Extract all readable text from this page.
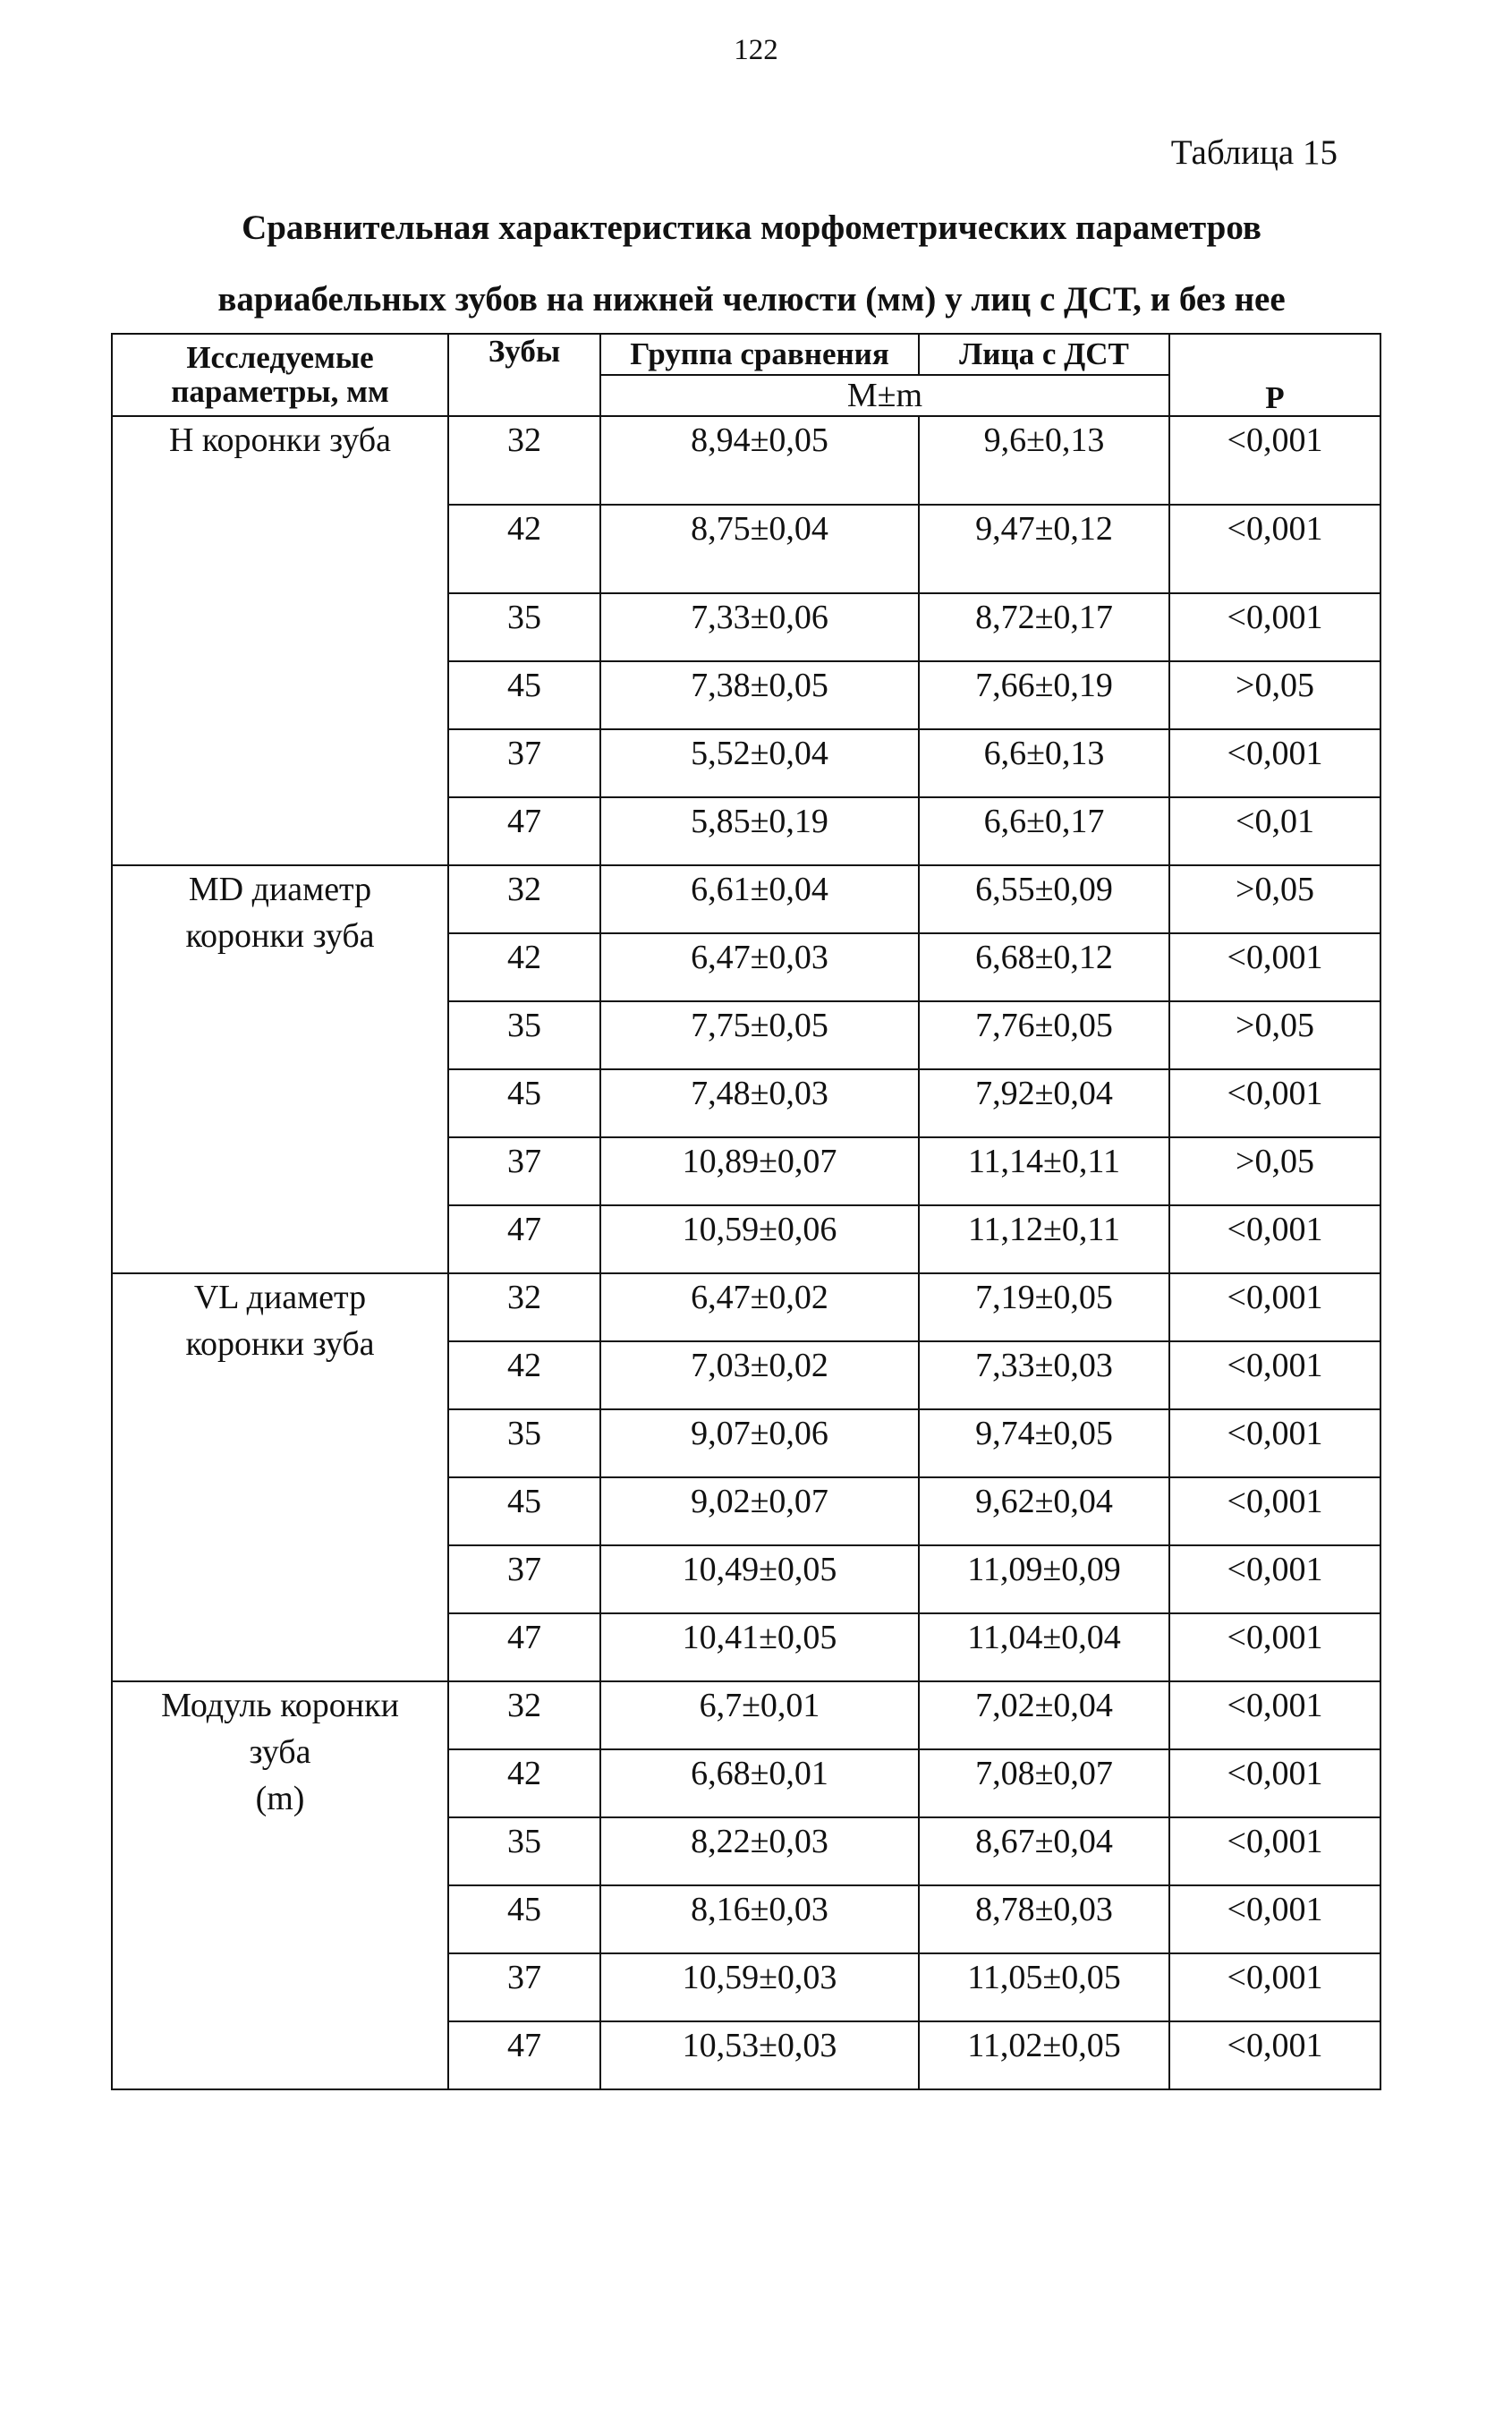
122
Таблица 15
Сравнительная характеристика морфометрических параметров
вариабельных зубов на нижней челюсти (мм) у лиц с ДСТ, и без нее
Исследуемые
параметры, мм	Зубы	Группа сравнения	Лица с ДСТ	Р
		М±m		

Н коронки зуба	32	8,94±0,05	9,6±0,13	<0,001
	42	8,75±0,04	9,47±0,12	<0,001
	35	7,33±0,06	8,72±0,17	<0,001
	45	7,38±0,05	7,66±0,19	>0,05
	37	5,52±0,04	6,6±0,13	<0,001
	47	5,85±0,19	6,6±0,17	<0,01

MD диаметр
коронки зуба	32	6,61±0,04	6,55±0,09	>0,05
	42	6,47±0,03	6,68±0,12	<0,001
	35	7,75±0,05	7,76±0,05	>0,05
	45	7,48±0,03	7,92±0,04	<0,001
	37	10,89±0,07	11,14±0,11	>0,05
	47	10,59±0,06	11,12±0,11	<0,001

VL диаметр
коронки зуба	32	6,47±0,02	7,19±0,05	<0,001
	42	7,03±0,02	7,33±0,03	<0,001
	35	9,07±0,06	9,74±0,05	<0,001
	45	9,02±0,07	9,62±0,04	<0,001
	37	10,49±0,05	11,09±0,09	<0,001
	47	10,41±0,05	11,04±0,04	<0,001

Модуль коронки
зуба
(m)	32	6,7±0,01	7,02±0,04	<0,001
	42	6,68±0,01	7,08±0,07	<0,001
	35	8,22±0,03	8,67±0,04	<0,001
	45	8,16±0,03	8,78±0,03	<0,001
	37	10,59±0,03	11,05±0,05	<0,001
	47	10,53±0,03	11,02±0,05	<0,001
